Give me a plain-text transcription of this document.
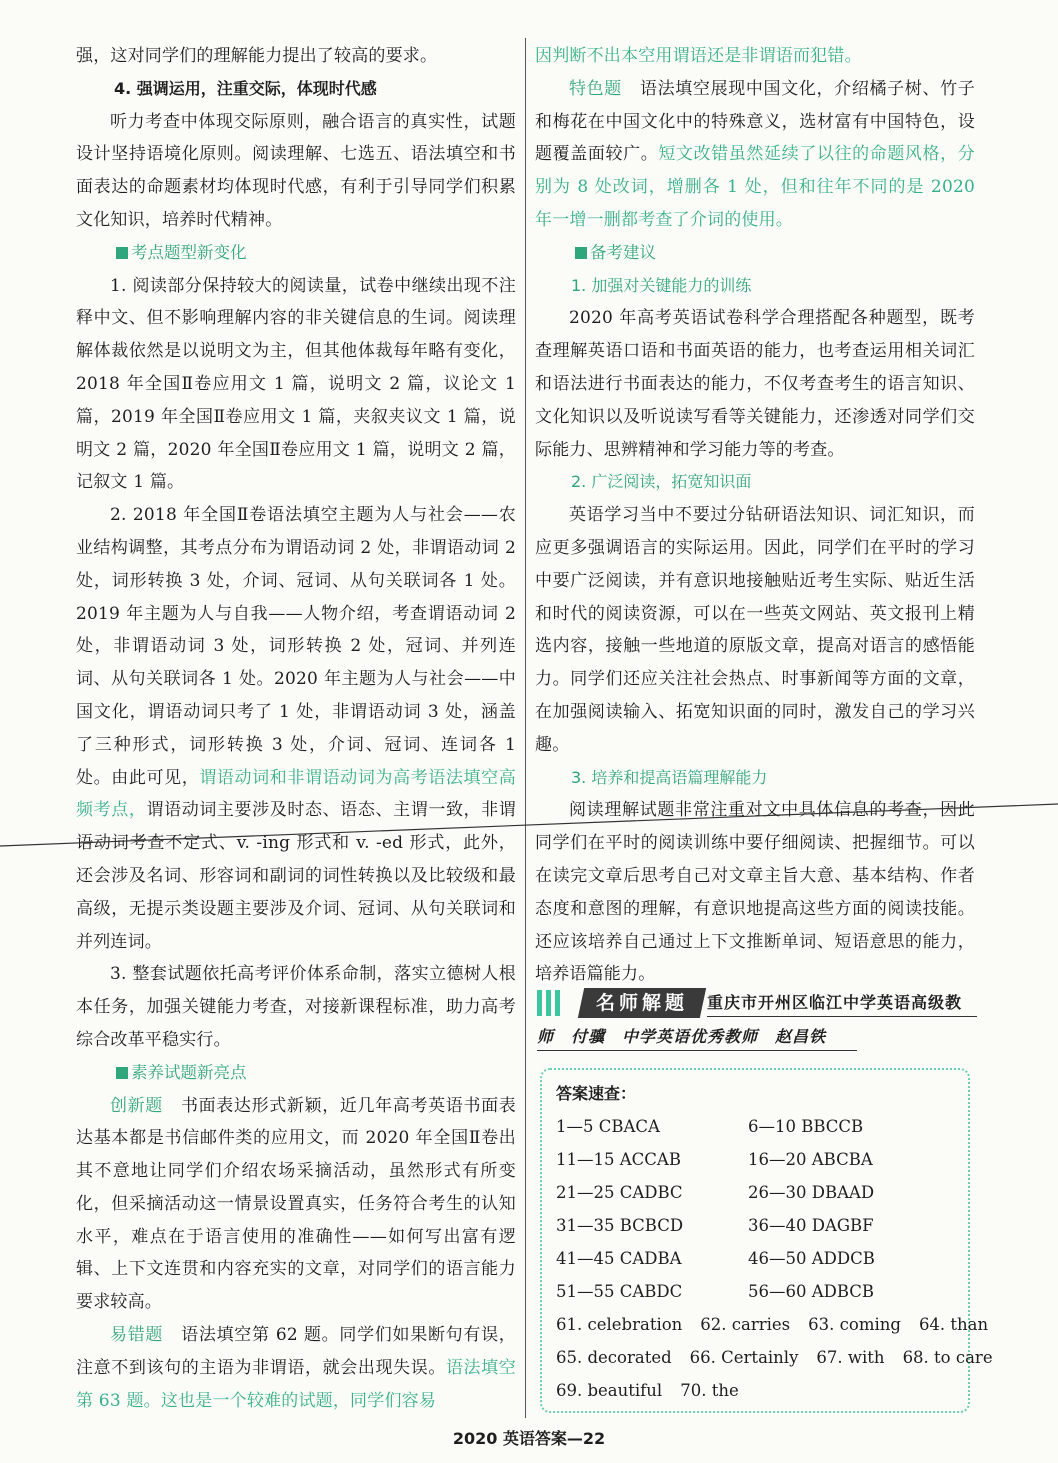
强，这对同学们的理解能力提出了较高的要求。

4. 强调运用，注重交际，体现时代感

听力考查中体现交际原则，融合语言的真实性，试题设计坚持语境化原则。阅读理解、七选五、语法填空和书面表达的命题素材均体现时代感，有利于引导同学们积累文化知识，培养时代精神。

考点题型新变化

1. 阅读部分保持较大的阅读量，试卷中继续出现不注释中文、但不影响理解内容的非关键信息的生词。阅读理解体裁依然是以说明文为主，但其他体裁每年略有变化，2018 年全国Ⅱ卷应用文 1 篇，说明文 2 篇，议论文 1 篇，2019 年全国Ⅱ卷应用文 1 篇，夹叙夹议文 1 篇，说明文 2 篇，2020 年全国Ⅱ卷应用文 1 篇，说明文 2 篇，记叙文 1 篇。

2. 2018 年全国Ⅱ卷语法填空主题为人与社会——农业结构调整，其考点分布为谓语动词 2 处，非谓语动词 2 处，词形转换 3 处，介词、冠词、从句关联词各 1 处。2019 年主题为人与自我——人物介绍，考查谓语动词 2 处，非谓语动词 3 处，词形转换 2 处，冠词、并列连词、从句关联词各 1 处。2020 年主题为人与社会——中国文化，谓语动词只考了 1 处，非谓语动词 3 处，涵盖了三种形式，词形转换 3 处，介词、冠词、连词各 1 处。由此可见，谓语动词和非谓语动词为高考语法填空高频考点，谓语动词主要涉及时态、语态、主谓一致，非谓语动词考查不定式、v. -ing 形式和 v. -ed 形式，此外，还会涉及名词、形容词和副词的词性转换以及比较级和最高级，无提示类设题主要涉及介词、冠词、从句关联词和并列连词。

3. 整套试题依托高考评价体系命制，落实立德树人根本任务，加强关键能力考查，对接新课程标准，助力高考综合改革平稳实行。

素养试题新亮点

创新题 书面表达形式新颖，近几年高考英语书面表达基本都是书信邮件类的应用文，而 2020 年全国Ⅱ卷出其不意地让同学们介绍农场采摘活动，虽然形式有所变化，但采摘活动这一情景设置真实，任务符合考生的认知水平，难点在于语言使用的准确性——如何写出富有逻辑、上下文连贯和内容充实的文章，对同学们的语言能力要求较高。

易错题 语法填空第 62 题。同学们如果断句有误，注意不到该句的主语为非谓语，就会出现失误。语法填空第 63 题。这也是一个较难的试题，同学们容易

因判断不出本空用谓语还是非谓语而犯错。

特色题 语法填空展现中国文化，介绍橘子树、竹子和梅花在中国文化中的特殊意义，选材富有中国特色，设题覆盖面较广。短文改错虽然延续了以往的命题风格，分别为 8 处改词，增删各 1 处，但和往年不同的是 2020 年一增一删都考查了介词的使用。

备考建议
1. 加强对关键能力的训练

2020 年高考英语试卷科学合理搭配各种题型，既考查理解英语口语和书面英语的能力，也考查运用相关词汇和语法进行书面表达的能力，不仅考查考生的语言知识、文化知识以及听说读写看等关键能力，还渗透对同学们交际能力、思辨精神和学习能力等的考查。

2. 广泛阅读，拓宽知识面

英语学习当中不要过分钻研语法知识、词汇知识，而应更多强调语言的实际运用。因此，同学们在平时的学习中要广泛阅读，并有意识地接触贴近考生实际、贴近生活和时代的阅读资源，可以在一些英文网站、英文报刊上精选内容，接触一些地道的原版文章，提高对语言的感悟能力。同学们还应关注社会热点、时事新闻等方面的文章，在加强阅读输入、拓宽知识面的同时，激发自己的学习兴趣。

3. 培养和提高语篇理解能力

阅读理解试题非常注重对文中具体信息的考查，因此同学们在平时的阅读训练中要仔细阅读、把握细节。可以在读完文章后思考自己对文章主旨大意、基本结构、作者态度和意图的理解，有意识地提高这些方面的阅读技能。还应该培养自己通过上下文推断单词、短语意思的能力，培养语篇能力。

名师解题	重庆市开州区临江中学英语高级教
师　付骥　中学英语优秀教师　赵昌铁
答案速查：
1—5 CBACA	6—10 BBCCB
11—15 ACCAB	16—20 ABCBA
21—25 CADBC	26—30 DBAAD
31—35 BCBCD	36—40 DAGBF
41—45 CADBA	46—50 ADDCB
51—55 CABDC	56—60 ADBCB
61. celebration 62. carries 63. coming 64. than
65. decorated 66. Certainly 67. with 68. to care
69. beautiful 70. the
2020 英语答案—22
